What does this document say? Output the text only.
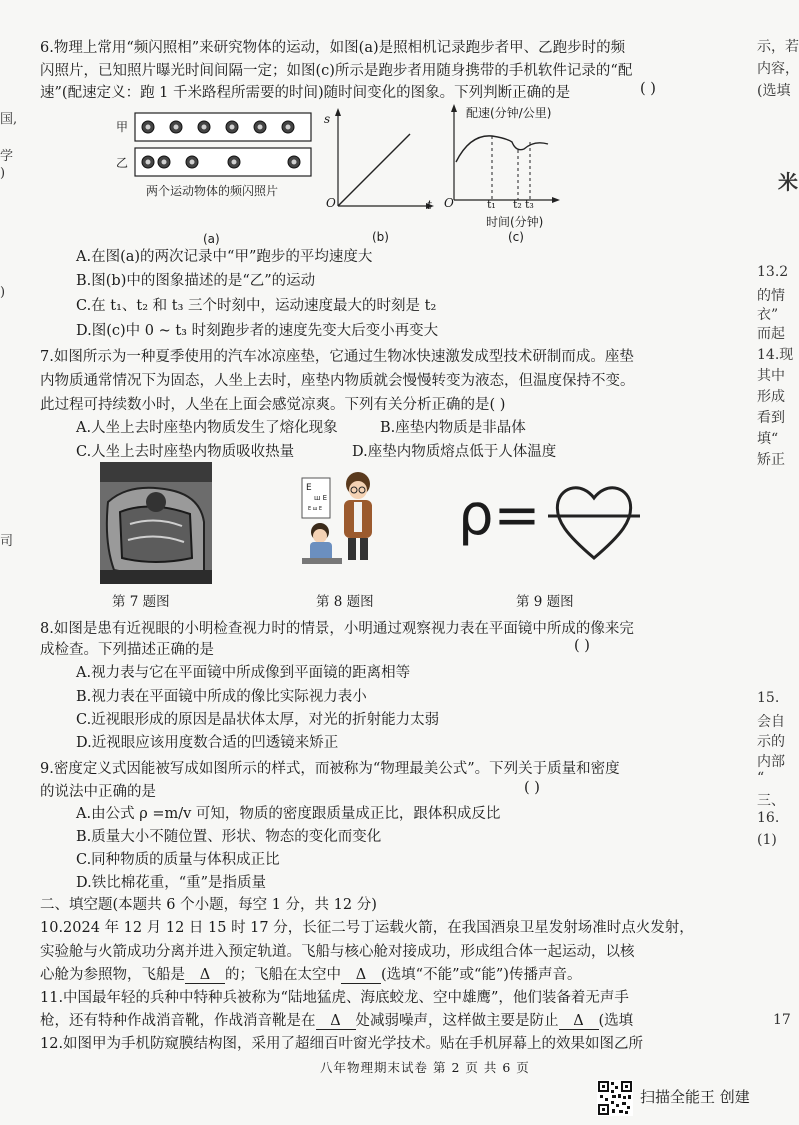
国,
学
)
)
司
示，若
内容，
(选填
米
13.2
的情
衣”
而起
14.现
其中
形成
看到
填“
矫正
15.
会自
示的
内部
“
三、
16.
(1)
17
6.物理上常用“频闪照相”来研究物体的运动，如图(a)是照相机记录跑步者甲、乙跑步时的频
闪照片，已知照片曝光时间间隔一定；如图(c)所示是跑步者用随身携带的手机软件记录的“配
速”(配速定义：跑 1 千米路程所需要的时间)随时间变化的图象。下列判断正确的是	( )
甲
乙
两个运动物体的频闪照片
(a)
s
t
O
(b)
配速(分钟/公里)
O	t₁ t₂ t₃
时间(分钟)
(c)
A.在图(a)的两次记录中“甲”跑步的平均速度大
B.图(b)中的图象描述的是“乙”的运动
C.在 t₁、t₂ 和 t₃ 三个时刻中，运动速度最大的时刻是 t₂
D.图(c)中 0 ~ t₃ 时刻跑步者的速度先变大后变小再变大
7.如图所示为一种夏季使用的汽车冰凉座垫，它通过生物冰快速激发成型技术研制而成。座垫
内物质通常情况下为固态，人坐上去时，座垫内物质就会慢慢转变为液态，但温度保持不变。
此过程可持续数小时，人坐在上面会感觉凉爽。下列有关分析正确的是( )
A.人坐上去时座垫内物质发生了熔化现象	B.座垫内物质是非晶体
C.人坐上去时座垫内物质吸收热量	D.座垫内物质熔点低于人体温度
E
ш E
E ш E ρ=
第 7 题图	第 8 题图	第 9 题图
8.如图是患有近视眼的小明检查视力时的情景，小明通过观察视力表在平面镜中所成的像来完
成检查。下列描述正确的是	( )
A.视力表与它在平面镜中所成像到平面镜的距离相等
B.视力表在平面镜中所成的像比实际视力表小
C.近视眼形成的原因是晶状体太厚，对光的折射能力太弱
D.近视眼应该用度数合适的凹透镜来矫正
9.密度定义式因能被写成如图所示的样式，而被称为“物理最美公式”。下列关于质量和密度
的说法中正确的是	( )
A.由公式 ρ =m/v 可知，物质的密度跟质量成正比，跟体积成反比
B.质量大小不随位置、形状、物态的变化而变化
C.同种物质的质量与体积成正比
D.铁比棉花重，“重”是指质量
二、填空题(本题共 6 个小题，每空 1 分，共 12 分)
10.2024 年 12 月 12 日 15 时 17 分，长征二号丁运载火箭，在我国酒泉卫星发射场准时点火发射，
实验舱与火箭成功分离并进入预定轨道。飞船与核心舱对接成功，形成组合体一起运动，以核
心舱为参照物，飞船是 Δ 的；飞船在太空中 Δ (选填“不能”或“能”)传播声音。
11.中国最年轻的兵种中特种兵被称为“陆地猛虎、海底蛟龙、空中雄鹰”，他们装备着无声手
枪，还有特种作战消音靴，作战消音靴是在 Δ 处减弱噪声，这样做主要是防止 Δ (选填
12.如图甲为手机防窥膜结构图，采用了超细百叶窗光学技术。贴在手机屏幕上的效果如图乙所
八年物理期末试卷 第 2 页 共 6 页
扫描全能王 创建
